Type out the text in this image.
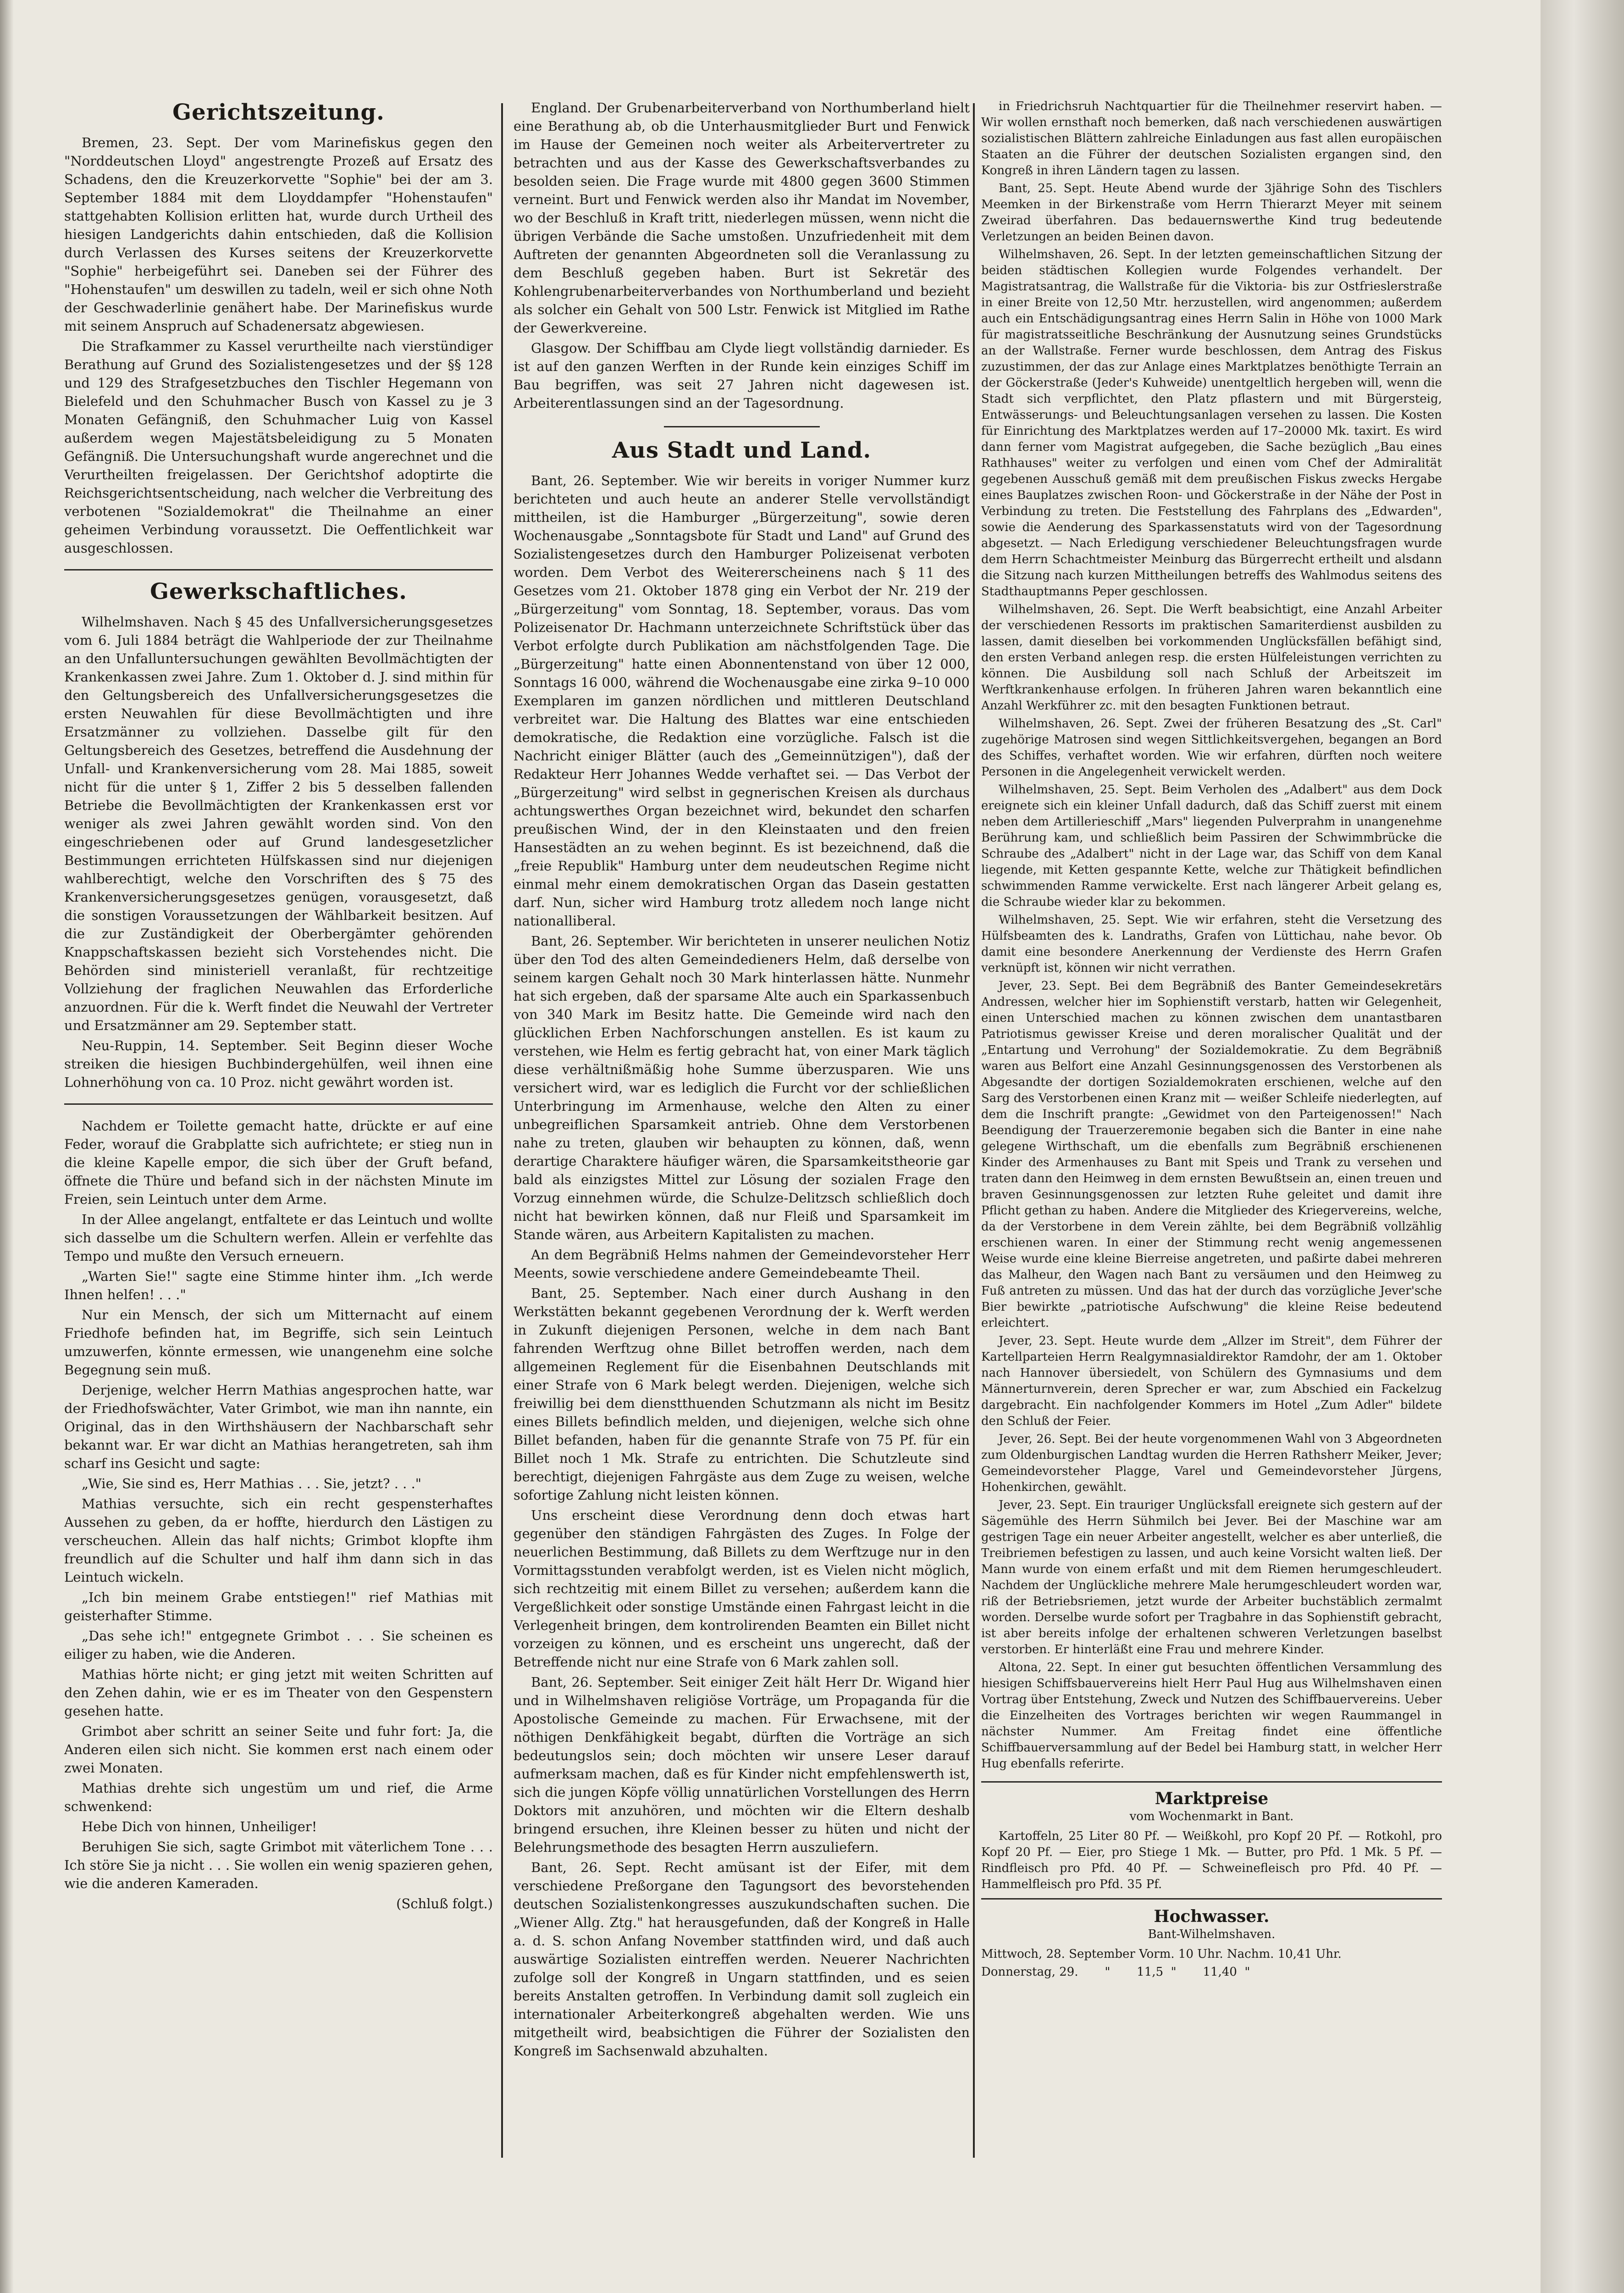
Gerichtszeitung.

Bremen, 23. Sept. Der vom Marinefiskus gegen den "Norddeutschen Lloyd" angestrengte Prozeß auf Ersatz des Schadens, den die Kreuzerkorvette "Sophie" bei der am 3. September 1884 mit dem Lloyddampfer "Hohenstaufen" stattgehabten Kollision erlitten hat, wurde durch Urtheil des hiesigen Landgerichts dahin entschieden, daß die Kollision durch Verlassen des Kurses seitens der Kreuzerkorvette "Sophie" herbeigeführt sei. Daneben sei der Führer des "Hohenstaufen" um deswillen zu tadeln, weil er sich ohne Noth der Geschwaderlinie genähert habe. Der Marinefiskus wurde mit seinem Anspruch auf Schadenersatz abgewiesen.

Die Strafkammer zu Kassel verurtheilte nach vierstündiger Berathung auf Grund des Sozialistengesetzes und der §§ 128 und 129 des Strafgesetzbuches den Tischler Hegemann von Bielefeld und den Schuhmacher Busch von Kassel zu je 3 Monaten Gefängniß, den Schuhmacher Luig von Kassel außerdem wegen Majestätsbeleidigung zu 5 Monaten Gefängniß. Die Untersuchungshaft wurde angerechnet und die Verurtheilten freigelassen. Der Gerichtshof adoptirte die Reichsgerichtsentscheidung, nach welcher die Verbreitung des verbotenen "Sozialdemokrat" die Theilnahme an einer geheimen Verbindung voraussetzt. Die Oeffentlichkeit war ausgeschlossen.

Gewerkschaftliches.

Wilhelmshaven. Nach § 45 des Unfallversicherungsgesetzes vom 6. Juli 1884 beträgt die Wahlperiode der zur Theilnahme an den Unfalluntersuchungen gewählten Bevollmächtigten der Krankenkassen zwei Jahre. Zum 1. Oktober d. J. sind mithin für den Geltungsbereich des Unfallversicherungsgesetzes die ersten Neuwahlen für diese Bevollmächtigten und ihre Ersatzmänner zu vollziehen. Dasselbe gilt für den Geltungsbereich des Gesetzes, betreffend die Ausdehnung der Unfall- und Krankenversicherung vom 28. Mai 1885, soweit nicht für die unter § 1, Ziffer 2 bis 5 desselben fallenden Betriebe die Bevollmächtigten der Krankenkassen erst vor weniger als zwei Jahren gewählt worden sind. Von den eingeschriebenen oder auf Grund landesgesetzlicher Bestimmungen errichteten Hülfskassen sind nur diejenigen wahlberechtigt, welche den Vorschriften des § 75 des Krankenversicherungsgesetzes genügen, vorausgesetzt, daß die sonstigen Voraussetzungen der Wählbarkeit besitzen. Auf die zur Zuständigkeit der Oberbergämter gehörenden Knappschaftskassen bezieht sich Vorstehendes nicht. Die Behörden sind ministeriell veranlaßt, für rechtzeitige Vollziehung der fraglichen Neuwahlen das Erforderliche anzuordnen. Für die k. Werft findet die Neuwahl der Vertreter und Ersatzmänner am 29. September statt.

Neu-Ruppin, 14. September. Seit Beginn dieser Woche streiken die hiesigen Buchbindergehülfen, weil ihnen eine Lohnerhöhung von ca. 10 Proz. nicht gewährt worden ist.

Nachdem er Toilette gemacht hatte, drückte er auf eine Feder, worauf die Grabplatte sich aufrichtete; er stieg nun in die kleine Kapelle empor, die sich über der Gruft befand, öffnete die Thüre und befand sich in der nächsten Minute im Freien, sein Leintuch unter dem Arme.

In der Allee angelangt, entfaltete er das Leintuch und wollte sich dasselbe um die Schultern werfen. Allein er verfehlte das Tempo und mußte den Versuch erneuern.

„Warten Sie!" sagte eine Stimme hinter ihm. „Ich werde Ihnen helfen! . . ."

Nur ein Mensch, der sich um Mitternacht auf einem Friedhofe befinden hat, im Begriffe, sich sein Leintuch umzuwerfen, könnte ermessen, wie unangenehm eine solche Begegnung sein muß.

Derjenige, welcher Herrn Mathias angesprochen hatte, war der Friedhofswächter, Vater Grimbot, wie man ihn nannte, ein Original, das in den Wirthshäusern der Nachbarschaft sehr bekannt war. Er war dicht an Mathias herangetreten, sah ihm scharf ins Gesicht und sagte:

„Wie, Sie sind es, Herr Mathias . . . Sie, jetzt? . . ."

Mathias versuchte, sich ein recht gespensterhaftes Aussehen zu geben, da er hoffte, hierdurch den Lästigen zu verscheuchen. Allein das half nichts; Grimbot klopfte ihm freundlich auf die Schulter und half ihm dann sich in das Leintuch wickeln.

„Ich bin meinem Grabe entstiegen!" rief Mathias mit geisterhafter Stimme.

„Das sehe ich!" entgegnete Grimbot . . . Sie scheinen es eiliger zu haben, wie die Anderen.

Mathias hörte nicht; er ging jetzt mit weiten Schritten auf den Zehen dahin, wie er es im Theater von den Gespenstern gesehen hatte.

Grimbot aber schritt an seiner Seite und fuhr fort: Ja, die Anderen eilen sich nicht. Sie kommen erst nach einem oder zwei Monaten.

Mathias drehte sich ungestüm um und rief, die Arme schwenkend:

Hebe Dich von hinnen, Unheiliger!

Beruhigen Sie sich, sagte Grimbot mit väterlichem Tone . . . Ich störe Sie ja nicht . . . Sie wollen ein wenig spazieren gehen, wie die anderen Kameraden.

(Schluß folgt.)

England. Der Grubenarbeiterverband von Northumberland hielt eine Berathung ab, ob die Unterhausmitglieder Burt und Fenwick im Hause der Gemeinen noch weiter als Arbeitervertreter zu betrachten und aus der Kasse des Gewerkschaftsverbandes zu besolden seien. Die Frage wurde mit 4800 gegen 3600 Stimmen verneint. Burt und Fenwick werden also ihr Mandat im November, wo der Beschluß in Kraft tritt, niederlegen müssen, wenn nicht die übrigen Verbände die Sache umstoßen. Unzufriedenheit mit dem Auftreten der genannten Abgeordneten soll die Veranlassung zu dem Beschluß gegeben haben. Burt ist Sekretär des Kohlengrubenarbeiterverbandes von Northumberland und bezieht als solcher ein Gehalt von 500 Lstr. Fenwick ist Mitglied im Rathe der Gewerkvereine.

Glasgow. Der Schiffbau am Clyde liegt vollständig darnieder. Es ist auf den ganzen Werften in der Runde kein einziges Schiff im Bau begriffen, was seit 27 Jahren nicht dagewesen ist. Arbeiterentlassungen sind an der Tagesordnung.

Aus Stadt und Land.

Bant, 26. September. Wie wir bereits in voriger Nummer kurz berichteten und auch heute an anderer Stelle vervollständigt mittheilen, ist die Hamburger „Bürgerzeitung", sowie deren Wochenausgabe „Sonntagsbote für Stadt und Land" auf Grund des Sozialistengesetzes durch den Hamburger Polizeisenat verboten worden. Dem Verbot des Weitererscheinens nach § 11 des Gesetzes vom 21. Oktober 1878 ging ein Verbot der Nr. 219 der „Bürgerzeitung" vom Sonntag, 18. September, voraus. Das vom Polizeisenator Dr. Hachmann unterzeichnete Schriftstück über das Verbot erfolgte durch Publikation am nächstfolgenden Tage. Die „Bürgerzeitung" hatte einen Abonnentenstand von über 12 000, Sonntags 16 000, während die Wochenausgabe eine zirka 9–10 000 Exemplaren im ganzen nördlichen und mittleren Deutschland verbreitet war. Die Haltung des Blattes war eine entschieden demokratische, die Redaktion eine vorzügliche. Falsch ist die Nachricht einiger Blätter (auch des „Gemeinnützigen"), daß der Redakteur Herr Johannes Wedde verhaftet sei. — Das Verbot der „Bürgerzeitung" wird selbst in gegnerischen Kreisen als durchaus achtungswerthes Organ bezeichnet wird, bekundet den scharfen preußischen Wind, der in den Kleinstaaten und den freien Hansestädten an zu wehen beginnt. Es ist bezeichnend, daß die „freie Republik" Hamburg unter dem neudeutschen Regime nicht einmal mehr einem demokratischen Organ das Dasein gestatten darf. Nun, sicher wird Hamburg trotz alledem noch lange nicht nationalliberal.

Bant, 26. September. Wir berichteten in unserer neulichen Notiz über den Tod des alten Gemeindedieners Helm, daß derselbe von seinem kargen Gehalt noch 30 Mark hinterlassen hätte. Nunmehr hat sich ergeben, daß der sparsame Alte auch ein Sparkassenbuch von 340 Mark im Besitz hatte. Die Gemeinde wird nach den glücklichen Erben Nachforschungen anstellen. Es ist kaum zu verstehen, wie Helm es fertig gebracht hat, von einer Mark täglich diese verhältnißmäßig hohe Summe überzusparen. Wie uns versichert wird, war es lediglich die Furcht vor der schließlichen Unterbringung im Armenhause, welche den Alten zu einer unbegreiflichen Sparsamkeit antrieb. Ohne dem Verstorbenen nahe zu treten, glauben wir behaupten zu können, daß, wenn derartige Charaktere häufiger wären, die Sparsamkeitstheorie gar bald als einzigstes Mittel zur Lösung der sozialen Frage den Vorzug einnehmen würde, die Schulze-Delitzsch schließlich doch nicht hat bewirken können, daß nur Fleiß und Sparsamkeit im Stande wären, aus Arbeitern Kapitalisten zu machen.

An dem Begräbniß Helms nahmen der Gemeindevorsteher Herr Meents, sowie verschiedene andere Gemeindebeamte Theil.

Bant, 25. September. Nach einer durch Aushang in den Werkstätten bekannt gegebenen Verordnung der k. Werft werden in Zukunft diejenigen Personen, welche in dem nach Bant fahrenden Werftzug ohne Billet betroffen werden, nach dem allgemeinen Reglement für die Eisenbahnen Deutschlands mit einer Strafe von 6 Mark belegt werden. Diejenigen, welche sich freiwillig bei dem dienstthuenden Schutzmann als nicht im Besitz eines Billets befindlich melden, und diejenigen, welche sich ohne Billet befanden, haben für die genannte Strafe von 75 Pf. für ein Billet noch 1 Mk. Strafe zu entrichten. Die Schutzleute sind berechtigt, diejenigen Fahrgäste aus dem Zuge zu weisen, welche sofortige Zahlung nicht leisten können.

Uns erscheint diese Verordnung denn doch etwas hart gegenüber den ständigen Fahrgästen des Zuges. In Folge der neuerlichen Bestimmung, daß Billets zu dem Werftzuge nur in den Vormittagsstunden verabfolgt werden, ist es Vielen nicht möglich, sich rechtzeitig mit einem Billet zu versehen; außerdem kann die Vergeßlichkeit oder sonstige Umstände einen Fahrgast leicht in die Verlegenheit bringen, dem kontrolirenden Beamten ein Billet nicht vorzeigen zu können, und es erscheint uns ungerecht, daß der Betreffende nicht nur eine Strafe von 6 Mark zahlen soll.

Bant, 26. September. Seit einiger Zeit hält Herr Dr. Wigand hier und in Wilhelmshaven religiöse Vorträge, um Propaganda für die Apostolische Gemeinde zu machen. Für Erwachsene, mit der nöthigen Denkfähigkeit begabt, dürften die Vorträge an sich bedeutungslos sein; doch möchten wir unsere Leser darauf aufmerksam machen, daß es für Kinder nicht empfehlenswerth ist, sich die jungen Köpfe völlig unnatürlichen Vorstellungen des Herrn Doktors mit anzuhören, und möchten wir die Eltern deshalb bringend ersuchen, ihre Kleinen besser zu hüten und nicht der Belehrungsmethode des besagten Herrn auszuliefern.

Bant, 26. Sept. Recht amüsant ist der Eifer, mit dem verschiedene Preßorgane den Tagungsort des bevorstehenden deutschen Sozialistenkongresses auszukundschaften suchen. Die „Wiener Allg. Ztg." hat herausgefunden, daß der Kongreß in Halle a. d. S. schon Anfang November stattfinden wird, und daß auch auswärtige Sozialisten eintreffen werden. Neuerer Nachrichten zufolge soll der Kongreß in Ungarn stattfinden, und es seien bereits Anstalten getroffen. In Verbindung damit soll zugleich ein internationaler Arbeiterkongreß abgehalten werden. Wie uns mitgetheilt wird, beabsichtigen die Führer der Sozialisten den Kongreß im Sachsenwald abzuhalten.

in Friedrichsruh Nachtquartier für die Theilnehmer reservirt haben. — Wir wollen ernsthaft noch bemerken, daß nach verschiedenen auswärtigen sozialistischen Blättern zahlreiche Einladungen aus fast allen europäischen Staaten an die Führer der deutschen Sozialisten ergangen sind, den Kongreß in ihren Ländern tagen zu lassen.

Bant, 25. Sept. Heute Abend wurde der 3jährige Sohn des Tischlers Meemken in der Birkenstraße vom Herrn Thierarzt Meyer mit seinem Zweirad überfahren. Das bedauernswerthe Kind trug bedeutende Verletzungen an beiden Beinen davon.

Wilhelmshaven, 26. Sept. In der letzten gemeinschaftlichen Sitzung der beiden städtischen Kollegien wurde Folgendes verhandelt. Der Magistratsantrag, die Wallstraße für die Viktoria- bis zur Ostfrieslerstraße in einer Breite von 12,50 Mtr. herzustellen, wird angenommen; außerdem auch ein Entschädigungsantrag eines Herrn Salin in Höhe von 1000 Mark für magistratsseitliche Beschränkung der Ausnutzung seines Grundstücks an der Wallstraße. Ferner wurde beschlossen, dem Antrag des Fiskus zuzustimmen, der das zur Anlage eines Marktplatzes benöthigte Terrain an der Göckerstraße (Jeder's Kuhweide) unentgeltlich hergeben will, wenn die Stadt sich verpflichtet, den Platz pflastern und mit Bürgersteig, Entwässerungs- und Beleuchtungsanlagen versehen zu lassen. Die Kosten für Einrichtung des Marktplatzes werden auf 17–20000 Mk. taxirt. Es wird dann ferner vom Magistrat aufgegeben, die Sache bezüglich „Bau eines Rathhauses" weiter zu verfolgen und einen vom Chef der Admiralität gegebenen Ausschuß gemäß mit dem preußischen Fiskus zwecks Hergabe eines Bauplatzes zwischen Roon- und Göckerstraße in der Nähe der Post in Verbindung zu treten. Die Feststellung des Fahrplans des „Edwarden", sowie die Aenderung des Sparkassenstatuts wird von der Tagesordnung abgesetzt. — Nach Erledigung verschiedener Beleuchtungsfragen wurde dem Herrn Schachtmeister Meinburg das Bürgerrecht ertheilt und alsdann die Sitzung nach kurzen Mittheilungen betreffs des Wahlmodus seitens des Stadthauptmanns Peper geschlossen.

Wilhelmshaven, 26. Sept. Die Werft beabsichtigt, eine Anzahl Arbeiter der verschiedenen Ressorts im praktischen Samariterdienst ausbilden zu lassen, damit dieselben bei vorkommenden Unglücksfällen befähigt sind, den ersten Verband anlegen resp. die ersten Hülfeleistungen verrichten zu können. Die Ausbildung soll nach Schluß der Arbeitszeit im Werftkrankenhause erfolgen. In früheren Jahren waren bekanntlich eine Anzahl Werkführer zc. mit den besagten Funktionen betraut.

Wilhelmshaven, 26. Sept. Zwei der früheren Besatzung des „St. Carl" zugehörige Matrosen sind wegen Sittlichkeitsvergehen, begangen an Bord des Schiffes, verhaftet worden. Wie wir erfahren, dürften noch weitere Personen in die Angelegenheit verwickelt werden.

Wilhelmshaven, 25. Sept. Beim Verholen des „Adalbert" aus dem Dock ereignete sich ein kleiner Unfall dadurch, daß das Schiff zuerst mit einem neben dem Artillerieschiff „Mars" liegenden Pulverprahm in unangenehme Berührung kam, und schließlich beim Passiren der Schwimmbrücke die Schraube des „Adalbert" nicht in der Lage war, das Schiff von dem Kanal liegende, mit Ketten gespannte Kette, welche zur Thätigkeit befindlichen schwimmenden Ramme verwickelte. Erst nach längerer Arbeit gelang es, die Schraube wieder klar zu bekommen.

Wilhelmshaven, 25. Sept. Wie wir erfahren, steht die Versetzung des Hülfsbeamten des k. Landraths, Grafen von Lüttichau, nahe bevor. Ob damit eine besondere Anerkennung der Verdienste des Herrn Grafen verknüpft ist, können wir nicht verrathen.

Jever, 23. Sept. Bei dem Begräbniß des Banter Gemeindesekretärs Andressen, welcher hier im Sophienstift verstarb, hatten wir Gelegenheit, einen Unterschied machen zu können zwischen dem unantastbaren Patriotismus gewisser Kreise und deren moralischer Qualität und der „Entartung und Verrohung" der Sozialdemokratie. Zu dem Begräbniß waren aus Belfort eine Anzahl Gesinnungsgenossen des Verstorbenen als Abgesandte der dortigen Sozialdemokraten erschienen, welche auf den Sarg des Verstorbenen einen Kranz mit — weißer Schleife niederlegten, auf dem die Inschrift prangte: „Gewidmet von den Parteigenossen!" Nach Beendigung der Trauerzeremonie begaben sich die Banter in eine nahe gelegene Wirthschaft, um die ebenfalls zum Begräbniß erschienenen Kinder des Armenhauses zu Bant mit Speis und Trank zu versehen und traten dann den Heimweg in dem ernsten Bewußtsein an, einen treuen und braven Gesinnungsgenossen zur letzten Ruhe geleitet und damit ihre Pflicht gethan zu haben. Andere die Mitglieder des Kriegervereins, welche, da der Verstorbene in dem Verein zählte, bei dem Begräbniß vollzählig erschienen waren. In einer der Stimmung recht wenig angemessenen Weise wurde eine kleine Bierreise angetreten, und paßirte dabei mehreren das Malheur, den Wagen nach Bant zu versäumen und den Heimweg zu Fuß antreten zu müssen. Und das hat der durch das vorzügliche Jever'sche Bier bewirkte „patriotische Aufschwung" die kleine Reise bedeutend erleichtert.

Jever, 23. Sept. Heute wurde dem „Allzer im Streit", dem Führer der Kartellparteien Herrn Realgymnasialdirektor Ramdohr, der am 1. Oktober nach Hannover übersiedelt, von Schülern des Gymnasiums und dem Männerturnverein, deren Sprecher er war, zum Abschied ein Fackelzug dargebracht. Ein nachfolgender Kommers im Hotel „Zum Adler" bildete den Schluß der Feier.

Jever, 26. Sept. Bei der heute vorgenommenen Wahl von 3 Abgeordneten zum Oldenburgischen Landtag wurden die Herren Rathsherr Meiker, Jever; Gemeindevorsteher Plagge, Varel und Gemeindevorsteher Jürgens, Hohenkirchen, gewählt.

Jever, 23. Sept. Ein trauriger Unglücksfall ereignete sich gestern auf der Sägemühle des Herrn Sühmilch bei Jever. Bei der Maschine war am gestrigen Tage ein neuer Arbeiter angestellt, welcher es aber unterließ, die Treibriemen befestigen zu lassen, und auch keine Vorsicht walten ließ. Der Mann wurde von einem erfaßt und mit dem Riemen herumgeschleudert. Nachdem der Unglückliche mehrere Male herumgeschleudert worden war, riß der Betriebsriemen, jetzt wurde der Arbeiter buchstäblich zermalmt worden. Derselbe wurde sofort per Tragbahre in das Sophienstift gebracht, ist aber bereits infolge der erhaltenen schweren Verletzungen baselbst verstorben. Er hinterläßt eine Frau und mehrere Kinder.

Altona, 22. Sept. In einer gut besuchten öffentlichen Versammlung des hiesigen Schiffsbauervereins hielt Herr Paul Hug aus Wilhelmshaven einen Vortrag über Entstehung, Zweck und Nutzen des Schiffbauervereins. Ueber die Einzelheiten des Vortrages berichten wir wegen Raummangel in nächster Nummer. Am Freitag findet eine öffentliche Schiffbauerversammlung auf der Bedel bei Hamburg statt, in welcher Herr Hug ebenfalls referirte.

Marktpreise
vom Wochenmarkt in Bant.

Kartoffeln, 25 Liter 80 Pf. — Weißkohl, pro Kopf 20 Pf. — Rotkohl, pro Kopf 20 Pf. — Eier, pro Stiege 1 Mk. — Butter, pro Pfd. 1 Mk. 5 Pf. — Rindfleisch pro Pfd. 40 Pf. — Schweinefleisch pro Pfd. 40 Pf. — Hammelfleisch pro Pfd. 35 Pf.

Hochwasser.
Bant-Wilhelmshaven.

Mittwoch, 28. September Vorm. 10 Uhr. Nachm. 10,41 Uhr.

Donnerstag, 29.       "       11,5  "       11,40  "
